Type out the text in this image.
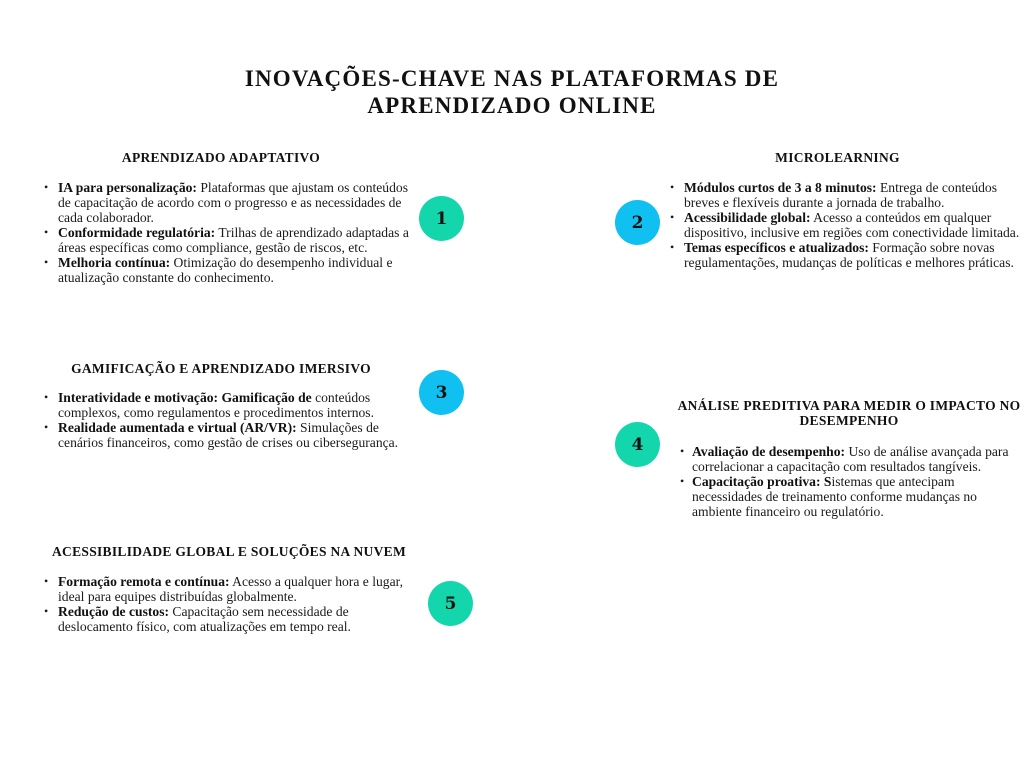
INOVAÇÕES-CHAVE NAS PLATAFORMAS DE
APRENDIZADO ONLINE
APRENDIZADO ADAPTATIVO
• IA para personalização: Plataformas que ajustam os conteúdos de capacitação de acordo com o progresso e as necessidades de cada colaborador.
• Conformidade regulatória: Trilhas de aprendizado adaptadas a áreas específicas como compliance, gestão de riscos, etc.
• Melhoria contínua: Otimização do desempenho individual e atualização constante do conhecimento.
MICROLEARNING
• Módulos curtos de 3 a 8 minutos: Entrega de conteúdos breves e flexíveis durante a jornada de trabalho.
• Acessibilidade global: Acesso a conteúdos em qualquer dispositivo, inclusive em regiões com conectividade limitada.
• Temas específicos e atualizados: Formação sobre novas regulamentações, mudanças de políticas e melhores práticas.
GAMIFICAÇÃO E APRENDIZADO IMERSIVO
• Interatividade e motivação: Gamificação de conteúdos complexos, como regulamentos e procedimentos internos.
• Realidade aumentada e virtual (AR/VR): Simulações de cenários financeiros, como gestão de crises ou cibersegurança.
ANÁLISE PREDITIVA PARA MEDIR O IMPACTO NO DESEMPENHO
• Avaliação de desempenho: Uso de análise avançada para correlacionar a capacitação com resultados tangíveis.
• Capacitação proativa: Sistemas que antecipam necessidades de treinamento conforme mudanças no ambiente financeiro ou regulatório.
ACESSIBILIDADE GLOBAL E SOLUÇÕES NA NUVEM
• Formação remota e contínua: Acesso a qualquer hora e lugar, ideal para equipes distribuídas globalmente.
• Redução de custos: Capacitação sem necessidade de deslocamento físico, com atualizações em tempo real.
1	2
3
4
5
